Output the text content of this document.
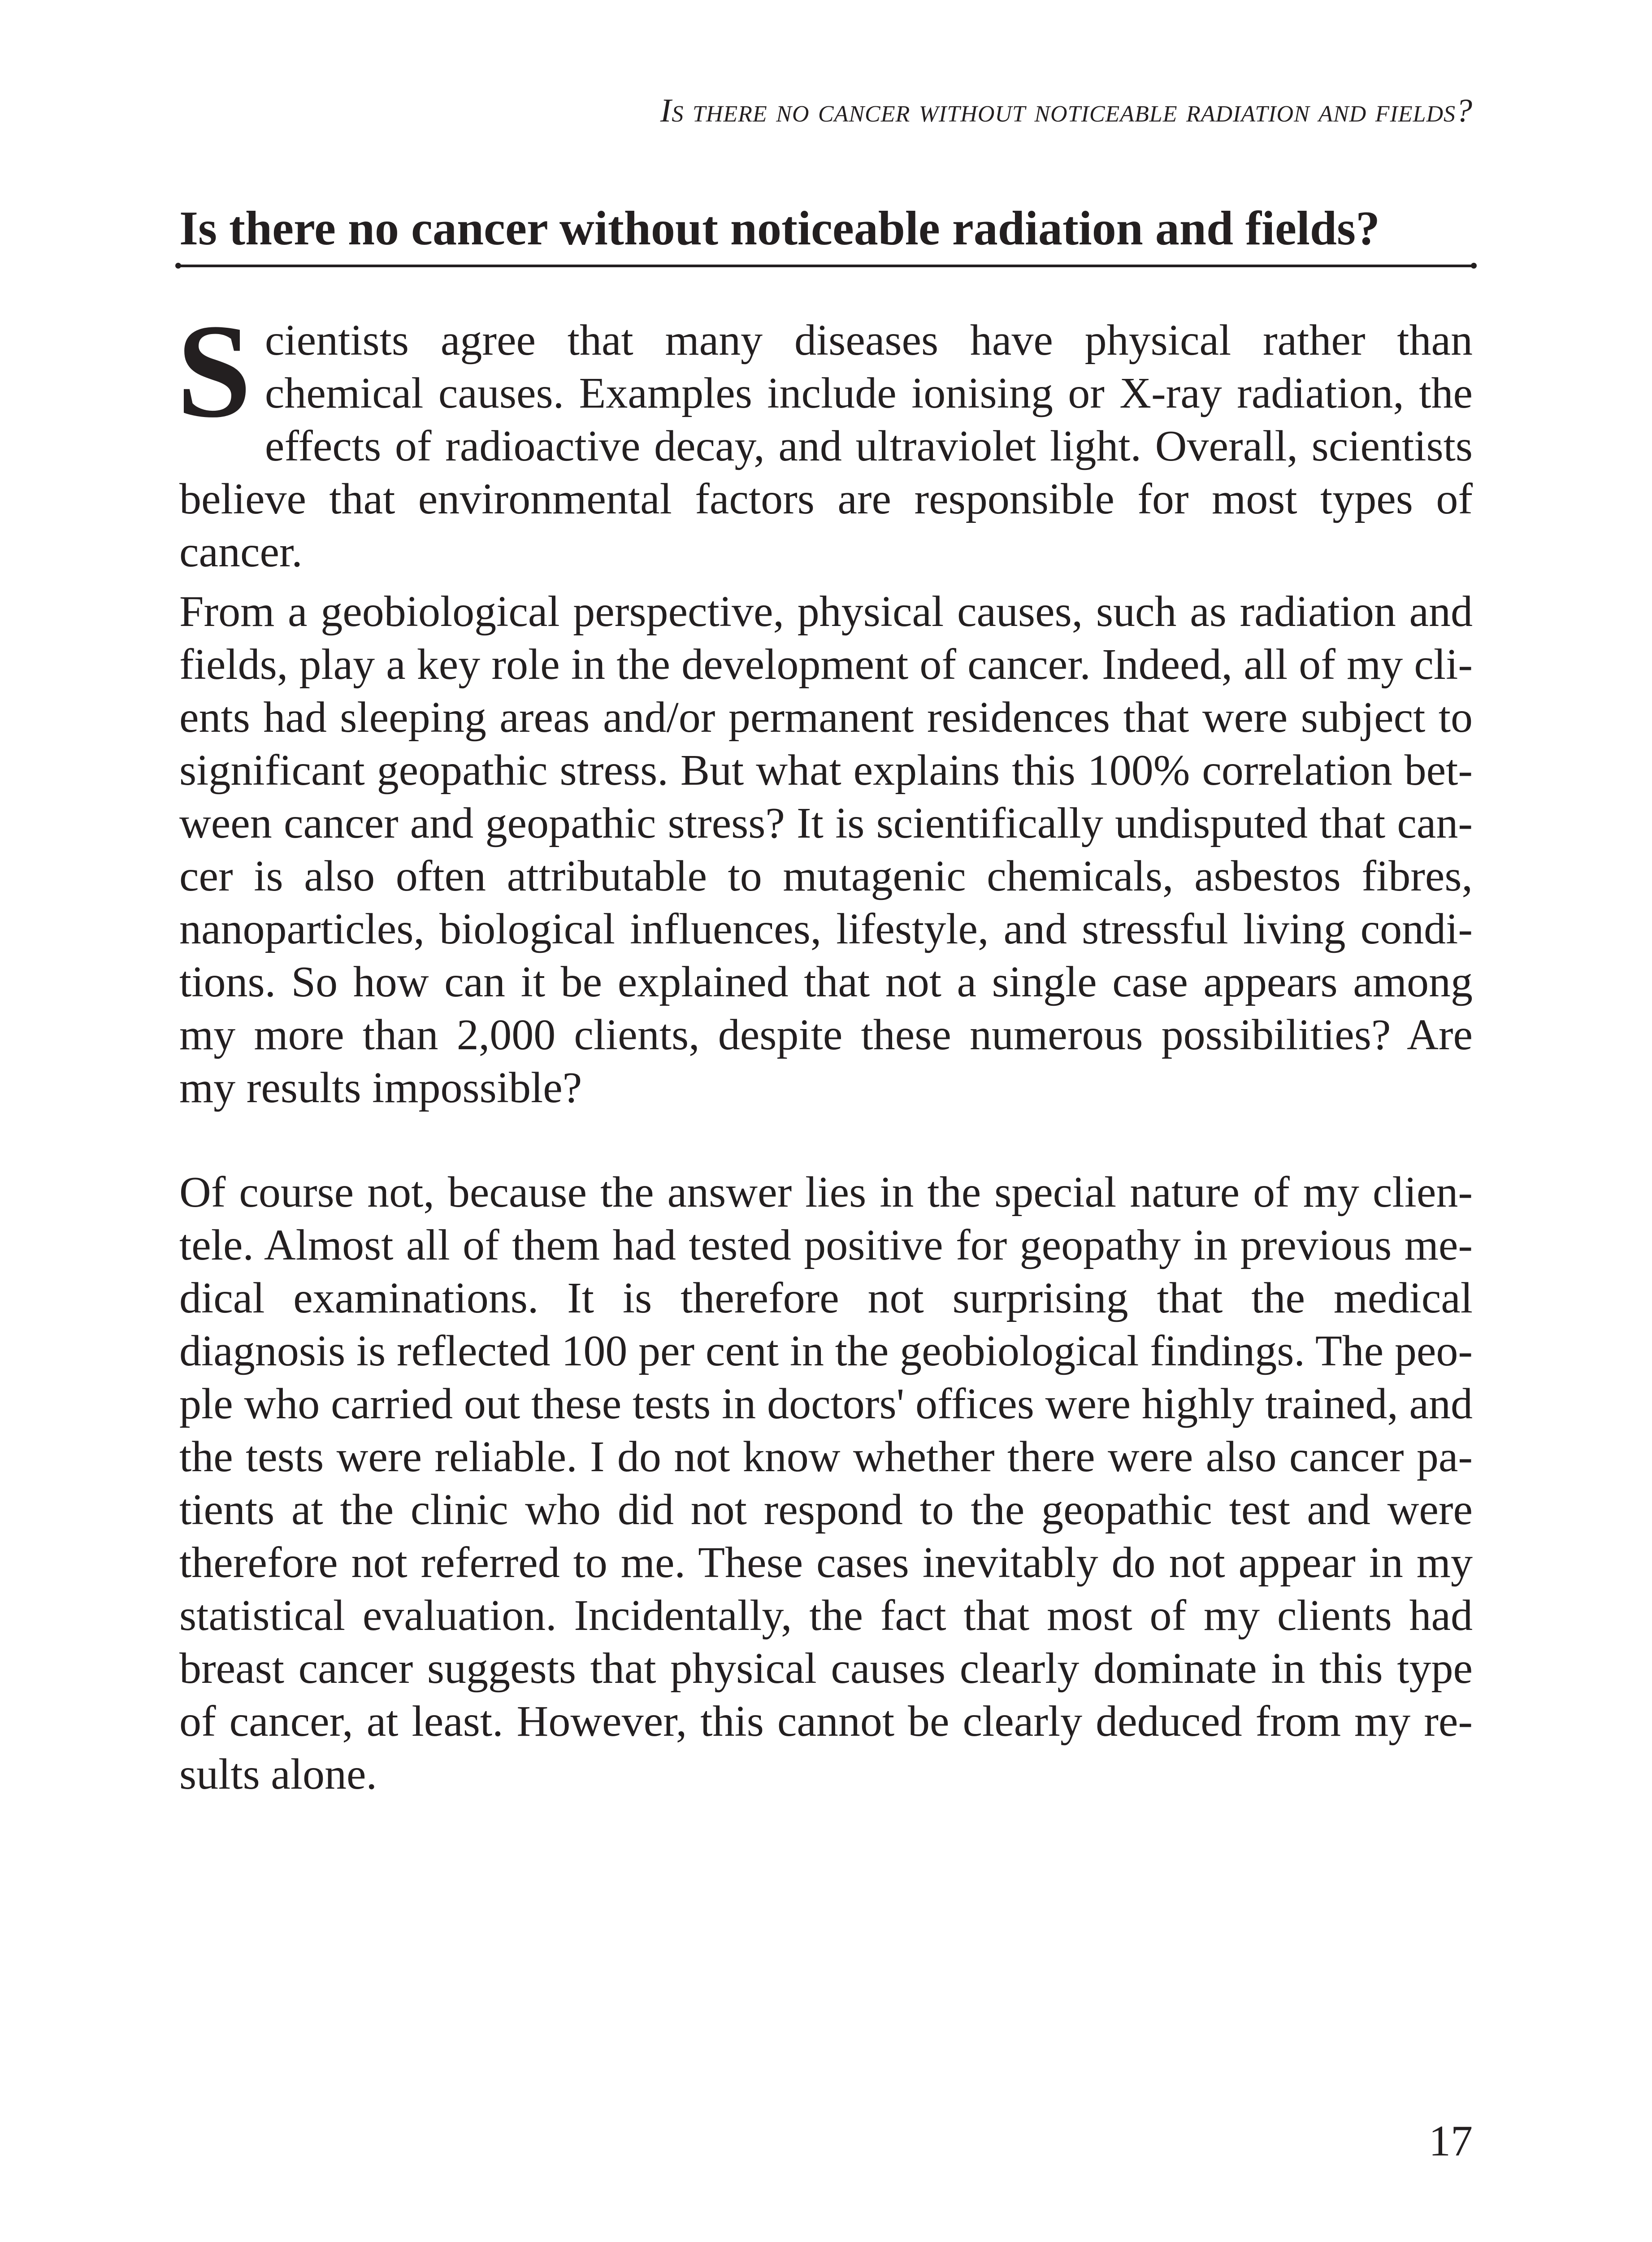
Is there no cancer without noticeable radiation and fields?
Is there no cancer without noticeable radiation and fields?

Scientists agree that many diseases have physical rather than chemical causes. Examples include ionising or X-ray radiation, the effects of radioactive decay, and ultraviolet light. Overall, scientists believe that environmental factors are responsible for most types of cancer.

From a geobiological perspective, physical causes, such as radiation and fields, play a key role in the development of cancer. Indeed, all of my clients had sleeping areas and/or permanent residences that were subject to significant geopathic stress. But what explains this 100% correlation between cancer and geopathic stress? It is scientifically undisputed that cancer is also often attributable to mutagenic chemicals, asbestos fibres, nanoparticles, biological influences, lifestyle, and stressful living conditions. So how can it be explained that not a single case appears among my more than 2,000 clients, despite these numerous possibilities? Are my results impossible?

Of course not, because the answer lies in the special nature of my clientele. Almost all of them had tested positive for geopathy in previous medical examinations. It is therefore not surprising that the medical diagnosis is reflected 100 per cent in the geobiological findings. The people who carried out these tests in doctors' offices were highly trained, and the tests were reliable. I do not know whether there were also cancer patients at the clinic who did not respond to the geopathic test and were therefore not referred to me. These cases inevitably do not appear in my statistical evaluation. Incidentally, the fact that most of my clients had breast cancer suggests that physical causes clearly dominate in this type of cancer, at least. However, this cannot be clearly deduced from my results alone.

17
